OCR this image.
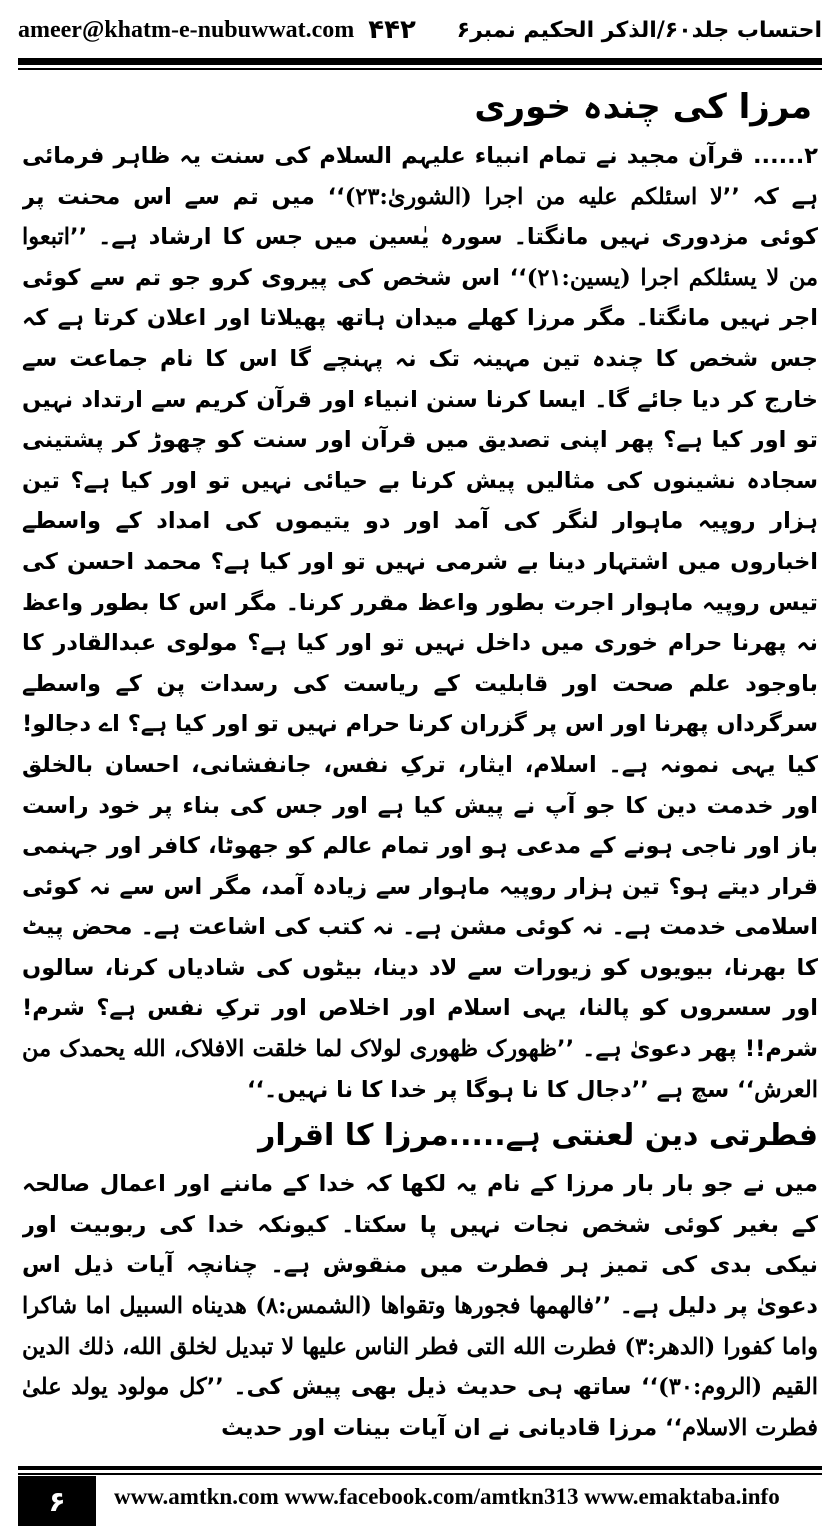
ameer@khatm-e-nubuwwat.com ۴۴۲ احتساب جلد۶۰/الذکر الحکیم نمبر۶
مرزا کی چندہ خوری

۲...... قرآن مجید نے تمام انبیاء علیہم السلام کی سنت یہ ظاہر فرمائی ہے کہ ’’لا اسئلکم علیه من اجرا (الشوریٰ:۲۳)‘‘ میں تم سے اس محنت پر کوئی مزدوری نہیں مانگتا۔ سورہ یٰسین میں جس کا ارشاد ہے۔ ’’اتبعوا من لا یسئلکم اجرا (یسین:۲۱)‘‘ اس شخص کی پیروی کرو جو تم سے کوئی اجر نہیں مانگتا۔ مگر مرزا کھلے میدان ہاتھ پھیلاتا اور اعلان کرتا ہے کہ جس شخص کا چندہ تین مہینہ تک نہ پہنچے گا اس کا نام جماعت سے خارج کر دیا جائے گا۔ ایسا کرنا سنن انبیاء اور قرآن کریم سے ارتداد نہیں تو اور کیا ہے؟ پھر اپنی تصدیق میں قرآن اور سنت کو چھوڑ کر پشتینی سجادہ نشینوں کی مثالیں پیش کرنا بے حیائی نہیں تو اور کیا ہے؟ تین ہزار روپیہ ماہوار لنگر کی آمد اور دو یتیموں کی امداد کے واسطے اخباروں میں اشتہار دینا بے شرمی نہیں تو اور کیا ہے؟ محمد احسن کی تیس روپیہ ماہوار اجرت بطور واعظ مقرر کرنا۔ مگر اس کا بطور واعظ نہ پھرنا حرام خوری میں داخل نہیں تو اور کیا ہے؟ مولوی عبدالقادر کا باوجود علم صحت اور قابلیت کے ریاست کی رسدات پن کے واسطے سرگرداں پھرنا اور اس پر گزران کرنا حرام نہیں تو اور کیا ہے؟ اے دجالو! کیا یہی نمونہ ہے۔ اسلام، ایثار، ترکِ نفس، جانفشانی، احسان بالخلق اور خدمت دین کا جو آپ نے پیش کیا ہے اور جس کی بناء پر خود راست باز اور ناجی ہونے کے مدعی ہو اور تمام عالم کو جھوٹا، کافر اور جہنمی قرار دیتے ہو؟ تین ہزار روپیہ ماہوار سے زیادہ آمد، مگر اس سے نہ کوئی اسلامی خدمت ہے۔ نہ کوئی مشن ہے۔ نہ کتب کی اشاعت ہے۔ محض پیٹ کا بھرنا، بیویوں کو زیورات سے لاد دینا، بیٹوں کی شادیاں کرنا، سالوں اور سسروں کو پالنا، یہی اسلام اور اخلاص اور ترکِ نفس ہے؟ شرم! شرم!! پھر دعویٰ ہے۔ ’’ظهورک ظهوری لولاک لما خلقت الافلاک، الله یحمدک من العرش‘‘ سچ ہے ’’دجال کا نا ہوگا پر خدا کا نا نہیں۔‘‘

فطرتی دین لعنتی ہے.....مرزا کا اقرار

میں نے جو بار بار مرزا کے نام یہ لکھا کہ خدا کے ماننے اور اعمال صالحہ کے بغیر کوئی شخص نجات نہیں پا سکتا۔ کیونکہ خدا کی ربوبیت اور نیکی بدی کی تمیز ہر فطرت میں منقوش ہے۔ چنانچہ آیات ذیل اس دعویٰ پر دلیل ہے۔ ’’فالهمها فجورها وتقواها (الشمس:۸) هدیناه السبیل اما شاکرا واما کفورا (الدهر:۳) فطرت الله التی فطر الناس علیها لا تبدیل لخلق الله، ذلك الدین القیم (الروم:۳۰)‘‘ ساتھ ہی حدیث ذیل بھی پیش کی۔ ’’کل مولود یولد علیٰ فطرت الاسلام‘‘ مرزا قادیانی نے ان آیات بینات اور حدیث

۶	www.amtkn.com www.facebook.com/amtkn313 www.emaktaba.info
